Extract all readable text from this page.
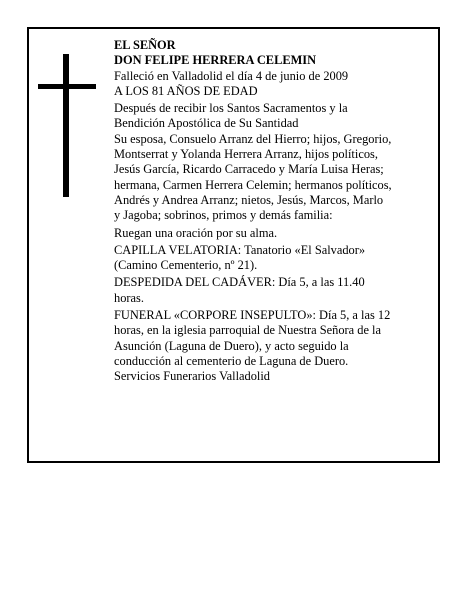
EL SEÑOR
DON FELIPE HERRERA CELEMIN
Falleció en Valladolid el día 4 de junio de 2009
A LOS 81 AÑOS DE EDAD
Después de recibir los Santos Sacramentos y la
Bendición Apostólica de Su Santidad
Su esposa, Consuelo Arranz del Hierro; hijos, Gregorio,
Montserrat y Yolanda Herrera Arranz, hijos políticos,
Jesús García, Ricardo Carracedo y María Luisa Heras;
hermana, Carmen Herrera Celemin; hermanos políticos,
Andrés y Andrea Arranz; nietos, Jesús, Marcos, Marlo
y Jagoba; sobrinos, primos y demás familia:
Ruegan una oración por su alma.
CAPILLA VELATORIA: Tanatorio «El Salvador»
(Camino Cementerio, nº 21).
DESPEDIDA DEL CADÁVER: Día 5, a las 11.40
horas.
FUNERAL «CORPORE INSEPULTO»: Día 5, a las 12
horas, en la iglesia parroquial de Nuestra Señora de la
Asunción (Laguna de Duero), y acto seguido la
conducción al cementerio de Laguna de Duero.
Servicios Funerarios Valladolid
